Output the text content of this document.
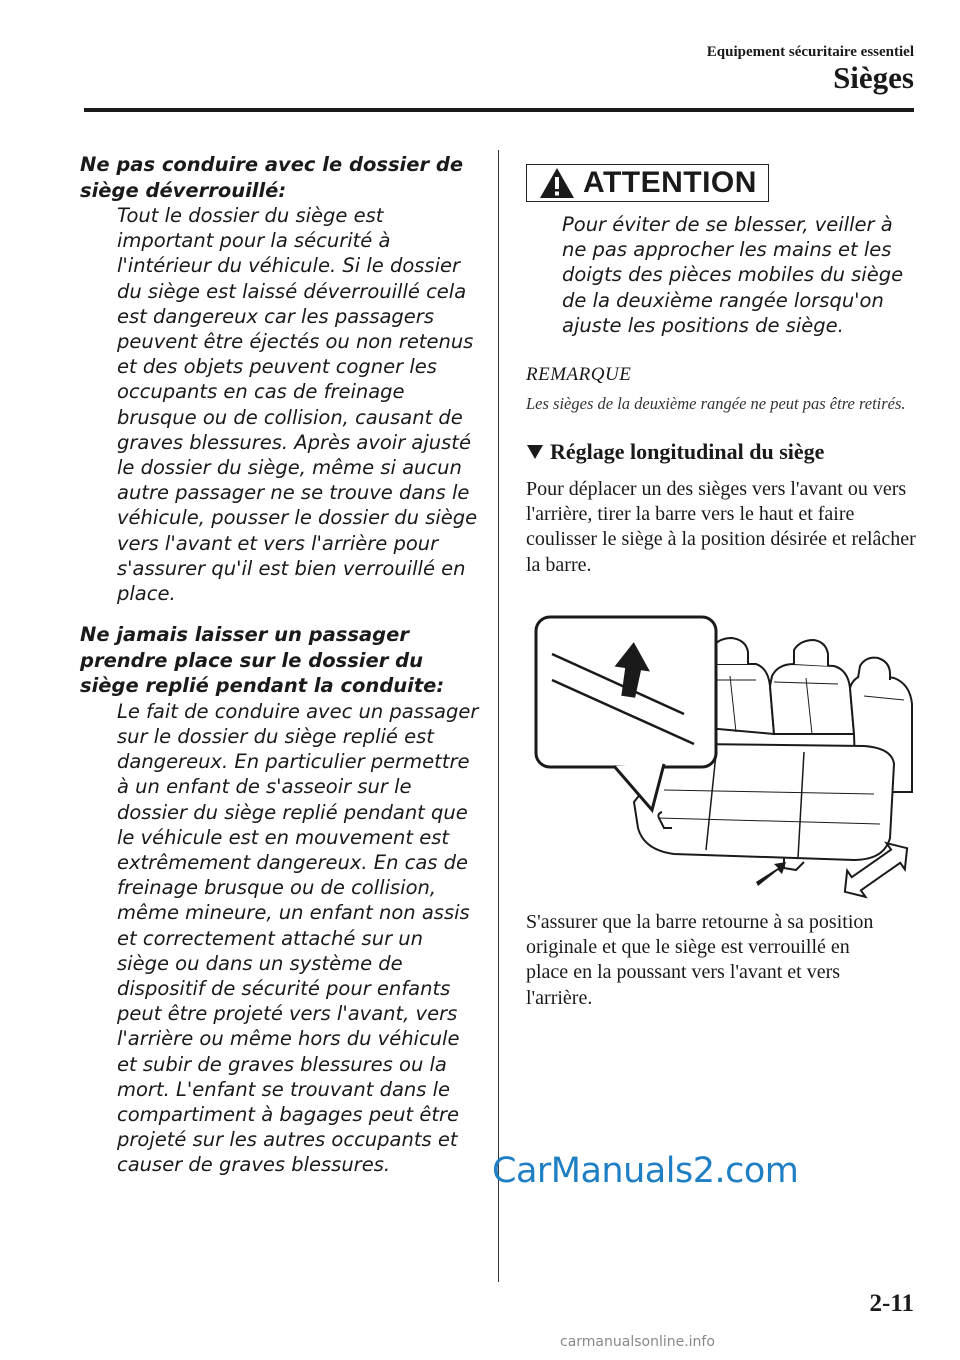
Equipement sécuritaire essentiel
Sièges
Ne pas conduire avec le dossier de siège déverrouillé:
Tout le dossier du siège est important pour la sécurité à l'intérieur du véhicule. Si le dossier du siège est laissé déverrouillé cela est dangereux car les passagers peuvent être éjectés ou non retenus et des objets peuvent cogner les occupants en cas de freinage brusque ou de collision, causant de graves blessures. Après avoir ajusté le dossier du siège, même si aucun autre passager ne se trouve dans le véhicule, pousser le dossier du siège vers l'avant et vers l'arrière pour s'assurer qu'il est bien verrouillé en place.
Ne jamais laisser un passager prendre place sur le dossier du siège replié pendant la conduite:
Le fait de conduire avec un passager sur le dossier du siège replié est dangereux. En particulier permettre à un enfant de s'asseoir sur le dossier du siège replié pendant que le véhicule est en mouvement est extrêmement dangereux. En cas de freinage brusque ou de collision, même mineure, un enfant non assis et correctement attaché sur un siège ou dans un système de dispositif de sécurité pour enfants peut être projeté vers l'avant, vers l'arrière ou même hors du véhicule et subir de graves blessures ou la mort. L'enfant se trouvant dans le compartiment à bagages peut être projeté sur les autres occupants et causer de graves blessures.
ATTENTION
Pour éviter de se blesser, veiller à ne pas approcher les mains et les doigts des pièces mobiles du siège de la deuxième rangée lorsqu'on ajuste les positions de siège.
REMARQUE
Les sièges de la deuxième rangée ne peut pas être retirés.
Réglage longitudinal du siège
Pour déplacer un des sièges vers l'avant ou vers l'arrière, tirer la barre vers le haut et faire coulisser le siège à la position désirée et relâcher la barre.
S'assurer que la barre retourne à sa position originale et que le siège est verrouillé en place en la poussant vers l'avant et vers l'arrière.
CarManuals2.com
2-11
carmanualsonline.info
